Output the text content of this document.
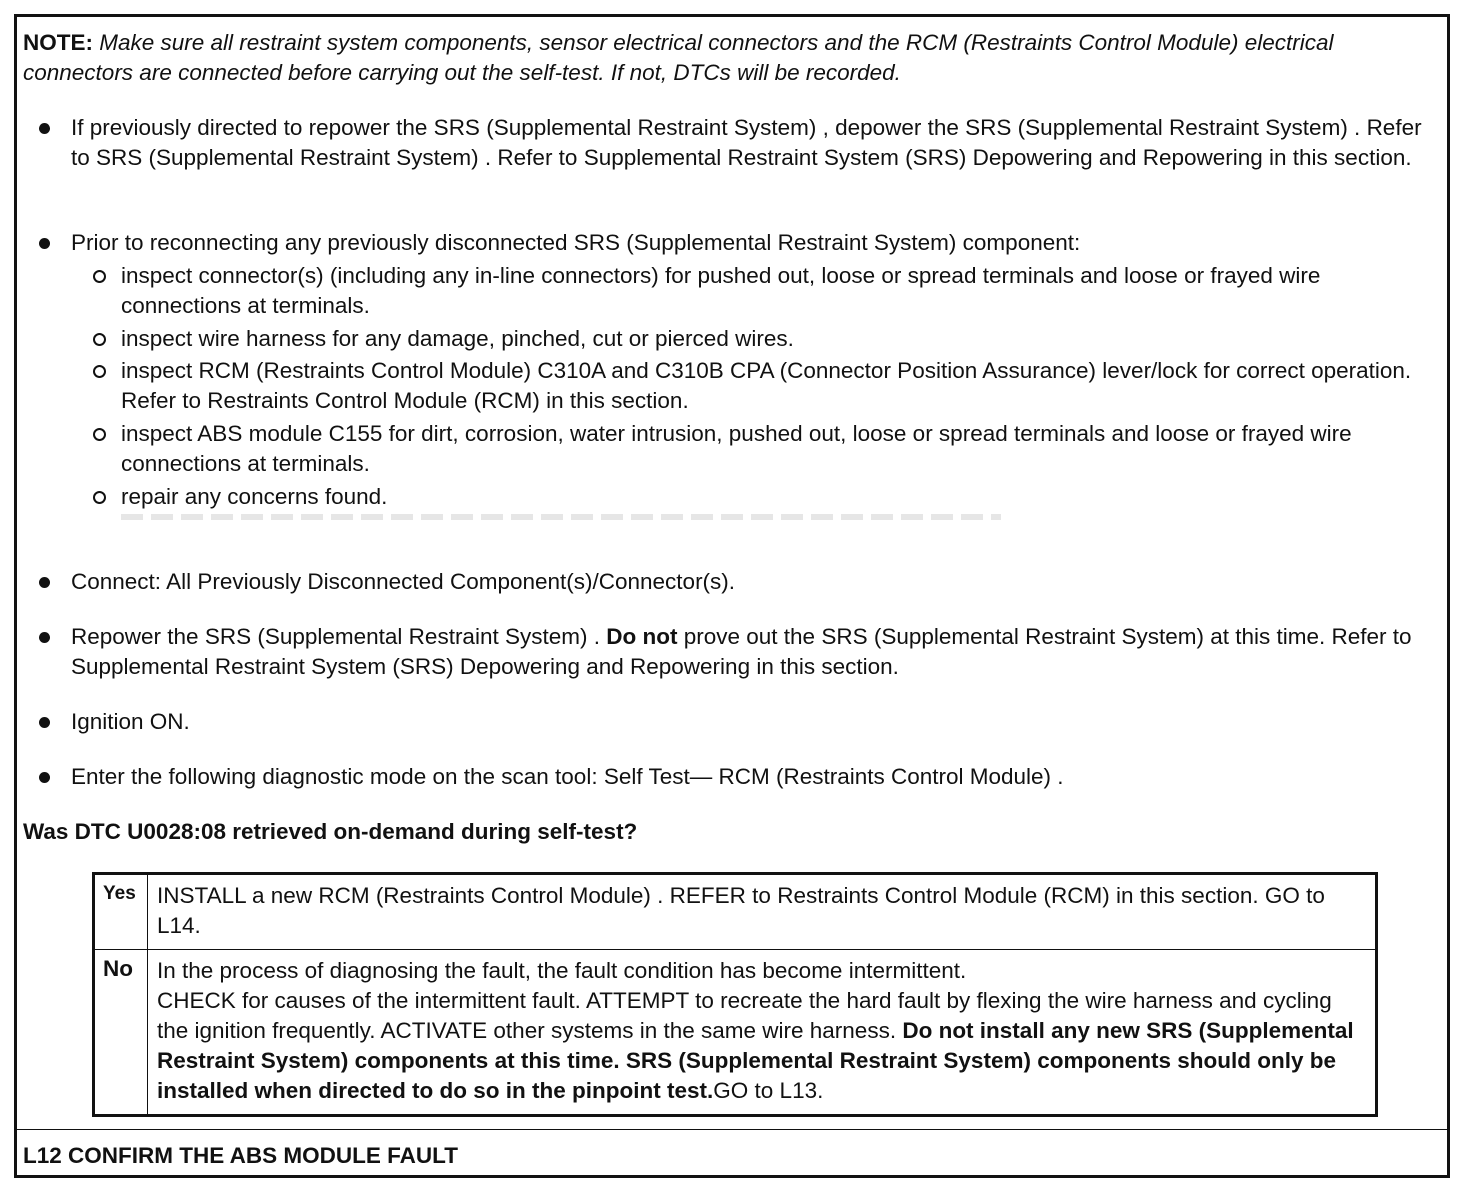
NOTE: Make sure all restraint system components, sensor electrical connectors and the RCM (Restraints Control Module) electrical connectors are connected before carrying out the self-test. If not, DTCs will be recorded.
If previously directed to repower the SRS (Supplemental Restraint System) , depower the SRS (Supplemental Restraint System) . Refer to SRS (Supplemental Restraint System) . Refer to Supplemental Restraint System (SRS) Depowering and Repowering in this section.
Prior to reconnecting any previously disconnected SRS (Supplemental Restraint System) component:
inspect connector(s) (including any in-line connectors) for pushed out, loose or spread terminals and loose or frayed wire connections at terminals.
inspect wire harness for any damage, pinched, cut or pierced wires.
inspect RCM (Restraints Control Module) C310A and C310B CPA (Connector Position Assurance) lever/lock for correct operation. Refer to Restraints Control Module (RCM) in this section.
inspect ABS module C155 for dirt, corrosion, water intrusion, pushed out, loose or spread terminals and loose or frayed wire connections at terminals.
repair any concerns found.
Connect: All Previously Disconnected Component(s)/Connector(s).
Repower the SRS (Supplemental Restraint System) . Do not prove out the SRS (Supplemental Restraint System) at this time. Refer to Supplemental Restraint System (SRS) Depowering and Repowering in this section.
Ignition ON.
Enter the following diagnostic mode on the scan tool: Self Test— RCM (Restraints Control Module) .
Was DTC U0028:08 retrieved on-demand during self-test?
Yes INSTALL a new RCM (Restraints Control Module) . REFER to Restraints Control Module (RCM) in this section. GO to L14.
No	In the process of diagnosing the fault, the fault condition has become intermittent.
CHECK for causes of the intermittent fault. ATTEMPT to recreate the hard fault by flexing the wire harness and cycling the ignition frequently. ACTIVATE other systems in the same wire harness. Do not install any new SRS (Supplemental Restraint System) components at this time. SRS (Supplemental Restraint System) components should only be installed when directed to do so in the pinpoint test.GO to L13.
L12 CONFIRM THE ABS MODULE FAULT
